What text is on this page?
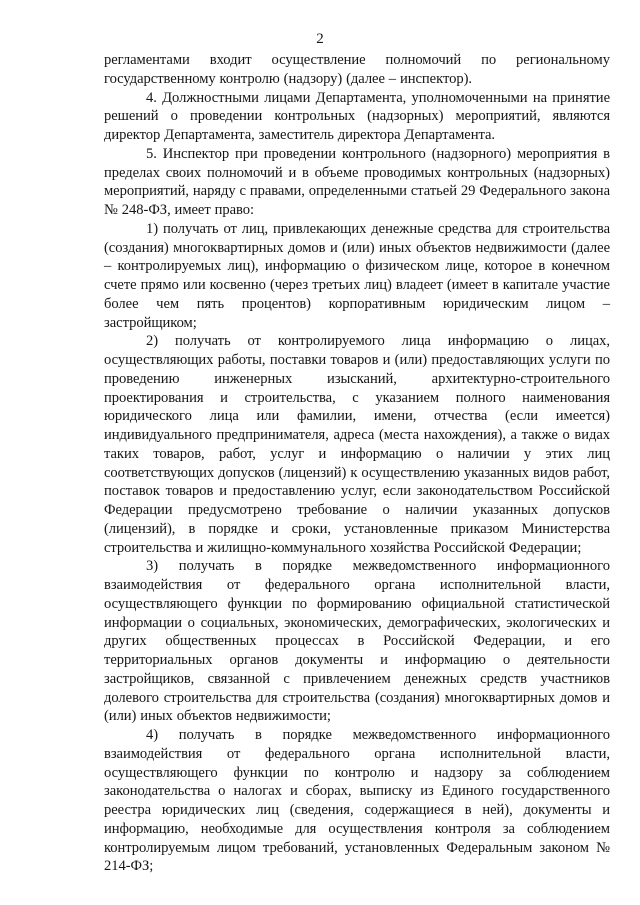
2

регламентами входит осуществление полномочий по региональному государственному контролю (надзору) (далее – инспектор).

4. Должностными лицами Департамента, уполномоченными на принятие решений о проведении контрольных (надзорных) мероприятий, являются директор Департамента, заместитель директора Департамента.

5. Инспектор при проведении контрольного (надзорного) мероприятия в пределах своих полномочий и в объеме проводимых контрольных (надзорных) мероприятий, наряду с правами, определенными статьей 29 Федерального закона № 248-ФЗ, имеет право:

1) получать от лиц, привлекающих денежные средства для строительства (создания) многоквартирных домов и (или) иных объектов недвижимости (далее – контролируемых лиц), информацию о физическом лице, которое в конечном счете прямо или косвенно (через третьих лиц) владеет (имеет в капитале участие более чем пять процентов) корпоративным юридическим лицом – застройщиком;

2) получать от контролируемого лица информацию о лицах, осуществляющих работы, поставки товаров и (или) предоставляющих услуги по проведению инженерных изысканий, архитектурно-строительного проектирования и строительства, с указанием полного наименования юридического лица или фамилии, имени, отчества (если имеется) индивидуального предпринимателя, адреса (места нахождения), а также о видах таких товаров, работ, услуг и информацию о наличии у этих лиц соответствующих допусков (лицензий) к осуществлению указанных видов работ, поставок товаров и предоставлению услуг, если законодательством Российской Федерации предусмотрено требование о наличии указанных допусков (лицензий), в порядке и сроки, установленные приказом Министерства строительства и жилищно-коммунального хозяйства Российской Федерации;

3) получать в порядке межведомственного информационного взаимодействия от федерального органа исполнительной власти, осуществляющего функции по формированию официальной статистической информации о социальных, экономических, демографических, экологических и других общественных процессах в Российской Федерации, и его территориальных органов документы и информацию о деятельности застройщиков, связанной с привлечением денежных средств участников долевого строительства для строительства (создания) многоквартирных домов и (или) иных объектов недвижимости;

4) получать в порядке межведомственного информационного взаимодействия от федерального органа исполнительной власти, осуществляющего функции по контролю и надзору за соблюдением законодательства о налогах и сборах, выписку из Единого государственного реестра юридических лиц (сведения, содержащиеся в ней), документы и информацию, необходимые для осуществления контроля за соблюдением контролируемым лицом требований, установленных Федеральным законом № 214-ФЗ;
